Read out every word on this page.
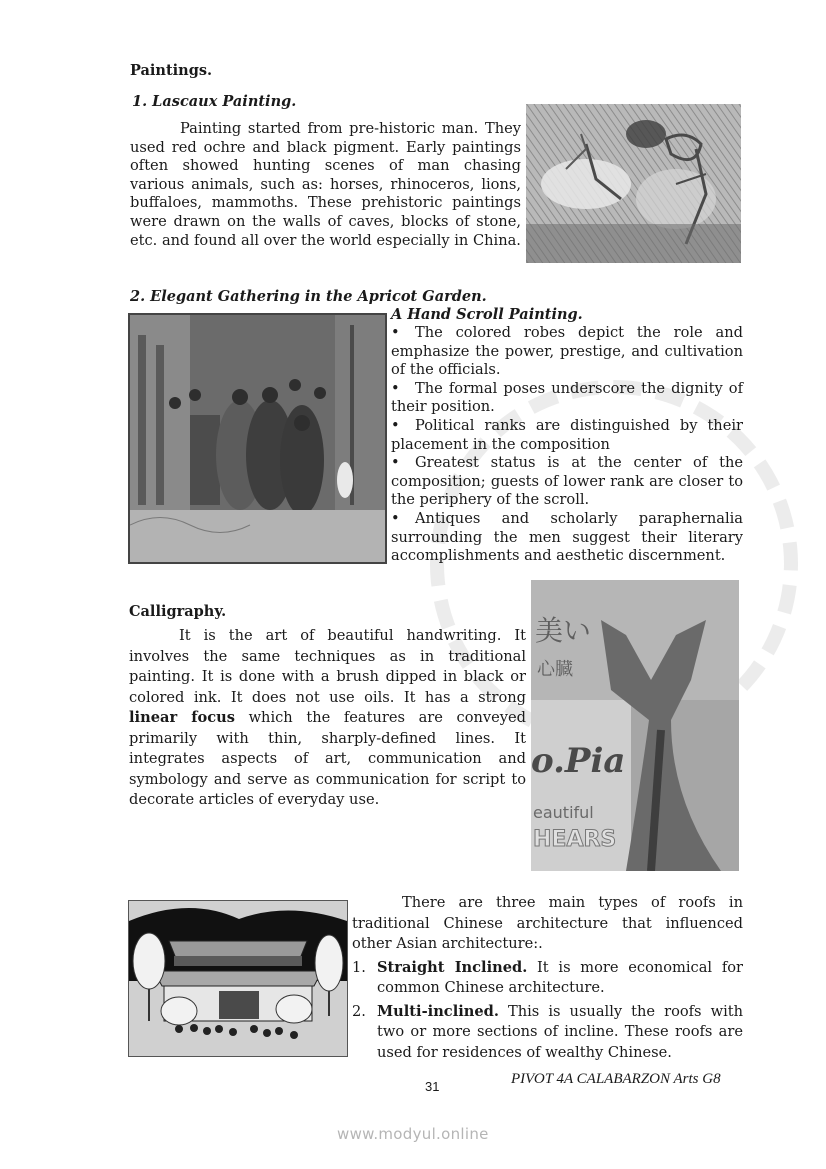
Paintings.
1. Lascaux Painting.
Painting started from pre-historic man. They used red ochre and black pigment. Early paintings often showed hunting scenes of man chasing various animals, such as: horses, rhinoceros, lions, buffaloes, mammoths. These prehistoric paintings were drawn on the walls of caves, blocks of stone, etc. and found all over the world especially in China.
2. Elegant Gathering in the Apricot Garden.
A Hand Scroll Painting.

• The colored robes depict the role and emphasize the power, prestige, and cultivation of the officials.

• The formal poses underscore the dignity of their position.

• Political ranks are distinguished by their placement in the composition

• Greatest status is at the center of the composition; guests of lower rank are closer to the periphery of the scroll.

• Antiques and scholarly paraphernalia surrounding the men suggest their literary accomplishments and aesthetic discernment.

Calligraphy.
It is the art of beautiful handwriting. It involves the same techniques as in traditional painting. It is done with a brush dipped in black or colored ink. It does not use oils. It has a strong linear focus which the features are conveyed primarily with thin, sharply-defined lines. It integrates aspects of art, communication and symbology and serve as communication for script to decorate articles of everyday use.
美い
心臓
o.Pia
eautiful
HEARS
There are three main types of roofs in traditional Chinese architecture that influenced other Asian architecture:.
1. Straight Inclined. It is more economical for common Chinese architecture.
2. Multi-inclined. This is usually the roofs with two or more sections of incline. These roofs are used for residences of wealthy Chinese.
31	PIVOT 4A CALABARZON Arts G8
www.modyul.online
